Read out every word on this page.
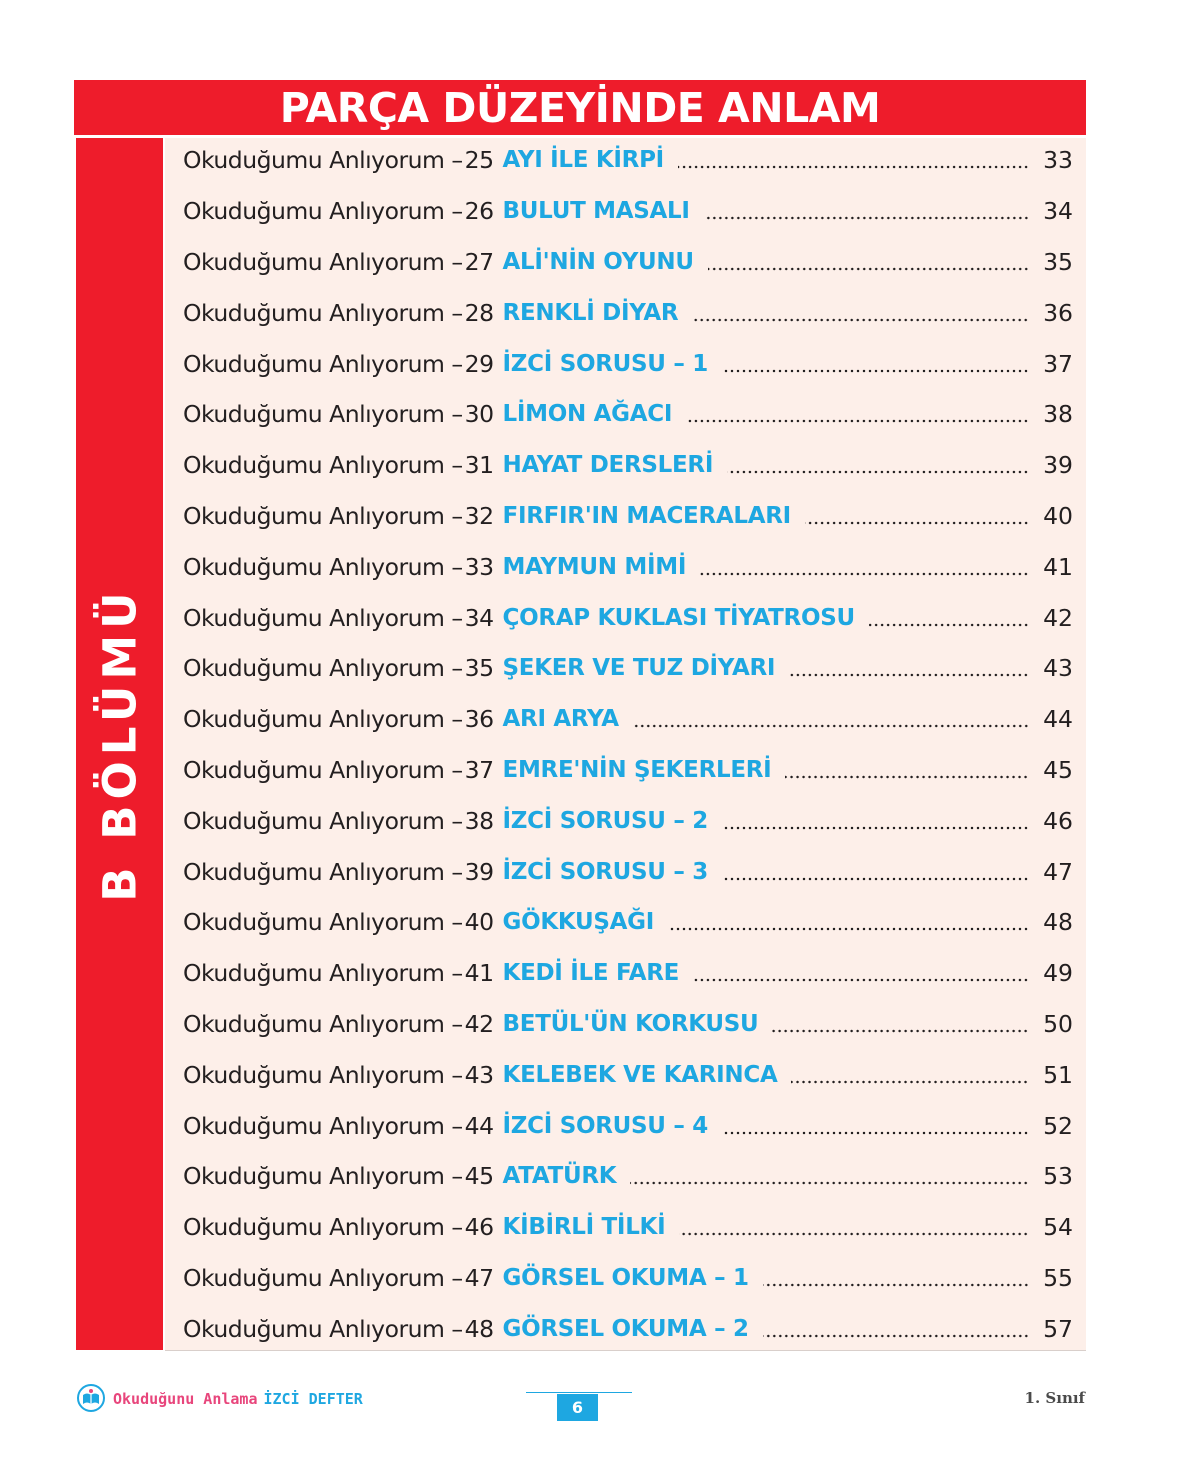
PARÇA DÜZEYİNDE ANLAM
B BÖLÜMÜ
Okuduğumu Anlıyorum – 25 AYI İLE KİRPİ	33
Okuduğumu Anlıyorum – 26 BULUT MASALI	34
Okuduğumu Anlıyorum – 27 ALİ'NİN OYUNU	35
Okuduğumu Anlıyorum – 28 RENKLİ DİYAR	36
Okuduğumu Anlıyorum – 29 İZCİ SORUSU – 1	37
Okuduğumu Anlıyorum – 30 LİMON AĞACI	38
Okuduğumu Anlıyorum – 31 HAYAT DERSLERİ	39
Okuduğumu Anlıyorum – 32 FIRFIR'IN MACERALARI	40
Okuduğumu Anlıyorum – 33 MAYMUN MİMİ	41
Okuduğumu Anlıyorum – 34 ÇORAP KUKLASI TİYATROSU	42
Okuduğumu Anlıyorum – 35 ŞEKER VE TUZ DİYARI	43
Okuduğumu Anlıyorum – 36 ARI ARYA	44
Okuduğumu Anlıyorum – 37 EMRE'NİN ŞEKERLERİ	45
Okuduğumu Anlıyorum – 38 İZCİ SORUSU – 2	46
Okuduğumu Anlıyorum – 39 İZCİ SORUSU – 3	47
Okuduğumu Anlıyorum – 40 GÖKKUŞAĞI	48
Okuduğumu Anlıyorum – 41 KEDİ İLE FARE	49
Okuduğumu Anlıyorum – 42 BETÜL'ÜN KORKUSU	50
Okuduğumu Anlıyorum – 43 KELEBEK VE KARINCA	51
Okuduğumu Anlıyorum – 44 İZCİ SORUSU – 4	52
Okuduğumu Anlıyorum – 45 ATATÜRK	53
Okuduğumu Anlıyorum – 46 KİBİRLİ TİLKİ	54
Okuduğumu Anlıyorum – 47 GÖRSEL OKUMA – 1	55
Okuduğumu Anlıyorum – 48 GÖRSEL OKUMA – 2	57
Okuduğunu Anlama İZCİ DEFTER	6	1. Sınıf
